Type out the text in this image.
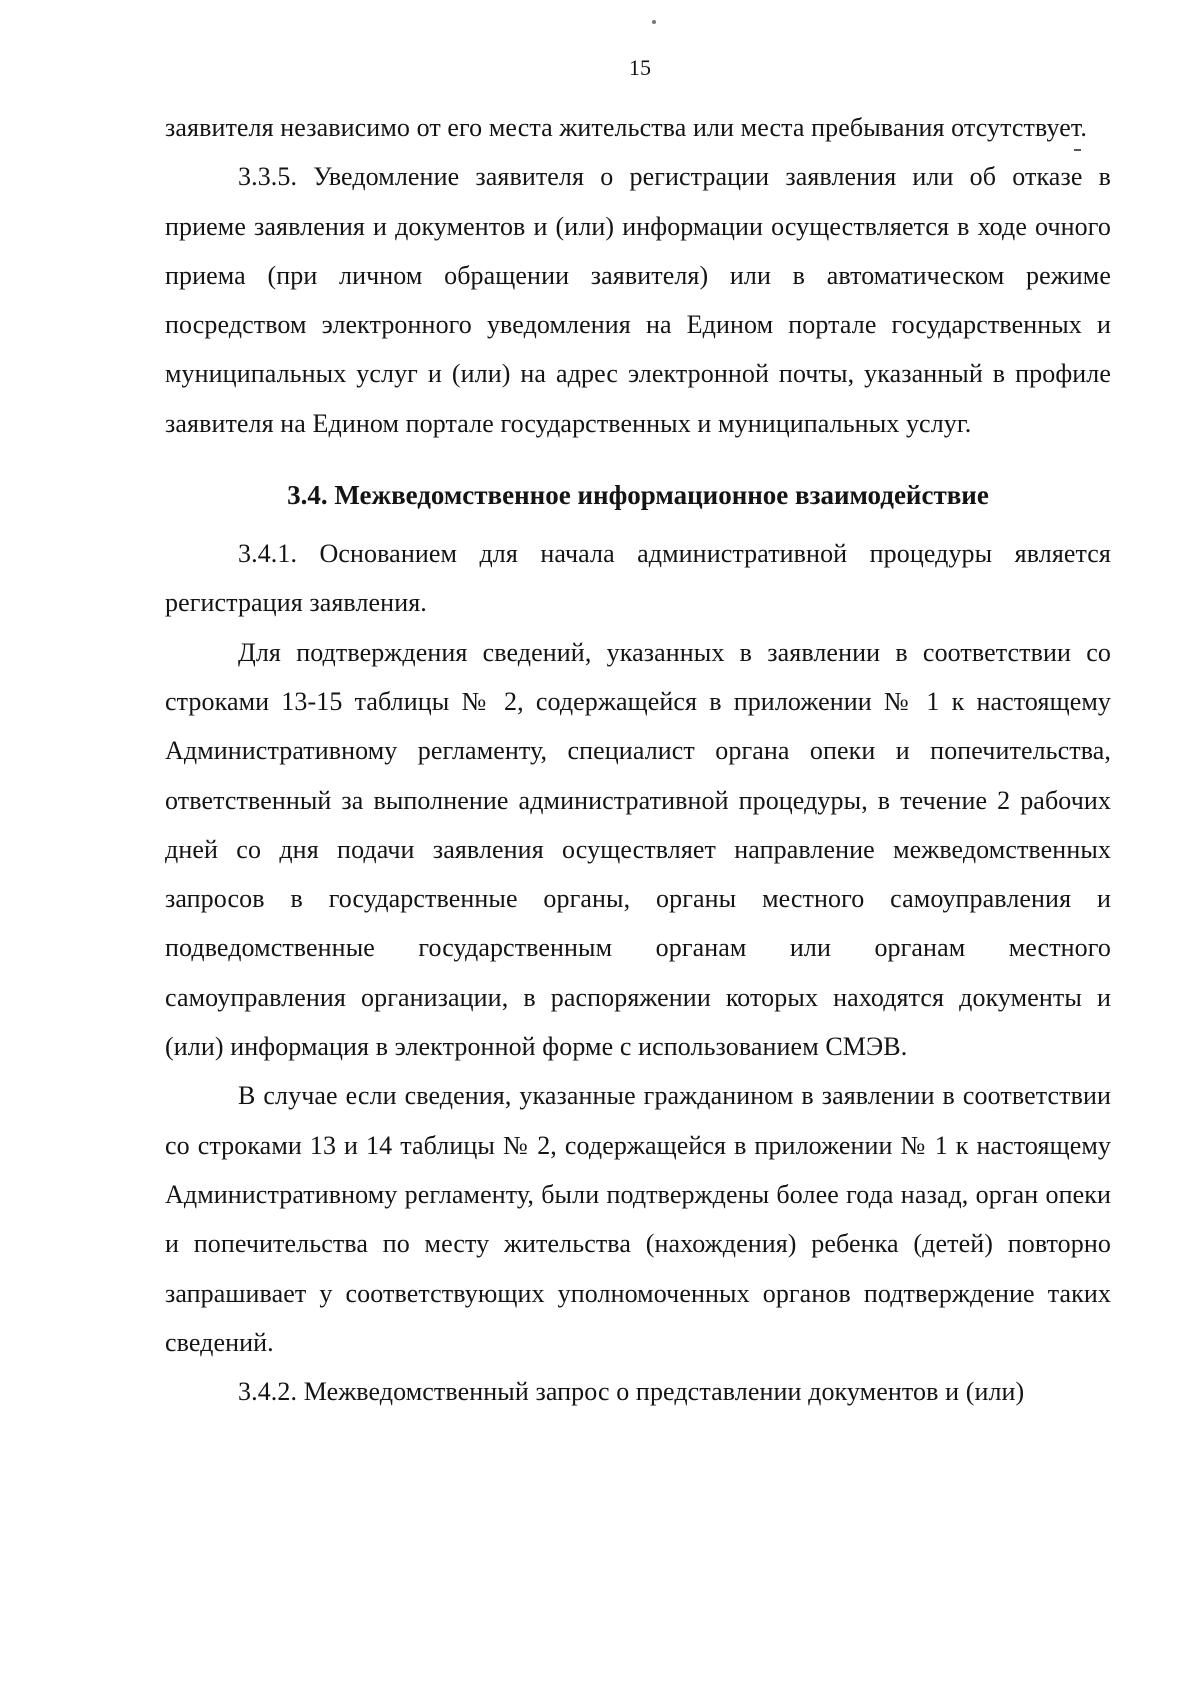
15

заявителя независимо от его места жительства или места пребывания отсутствует.

3.3.5. Уведомление заявителя о регистрации заявления или об отказе в приеме заявления и документов и (или) информации осуществляется в ходе очного приема (при личном обращении заявителя) или в автоматическом режиме посредством электронного уведомления на Едином портале государственных и муниципальных услуг и (или) на адрес электронной почты, указанный в профиле заявителя на Едином портале государственных и муниципальных услуг.

3.4. Межведомственное информационное взаимодействие

3.4.1. Основанием для начала административной процедуры является регистрация заявления.

Для подтверждения сведений, указанных в заявлении в соответствии со строками 13-15 таблицы № 2, содержащейся в приложении № 1 к настоящему Административному регламенту, специалист органа опеки и попечительства, ответственный за выполнение административной процедуры, в течение 2 рабочих дней со дня подачи заявления осуществляет направление межведомственных запросов в государственные органы, органы местного самоуправления и подведомственные государственным органам или органам местного самоуправления организации, в распоряжении которых находятся документы и (или) информация в электронной форме с использованием СМЭВ.

В случае если сведения, указанные гражданином в заявлении в соответствии со строками 13 и 14 таблицы № 2, содержащейся в приложении № 1 к настоящему Административному регламенту, были подтверждены более года назад, орган опеки и попечительства по месту жительства (нахождения) ребенка (детей) повторно запрашивает у соответствующих уполномоченных органов подтверждение таких сведений.

3.4.2. Межведомственный запрос о представлении документов и (или)
